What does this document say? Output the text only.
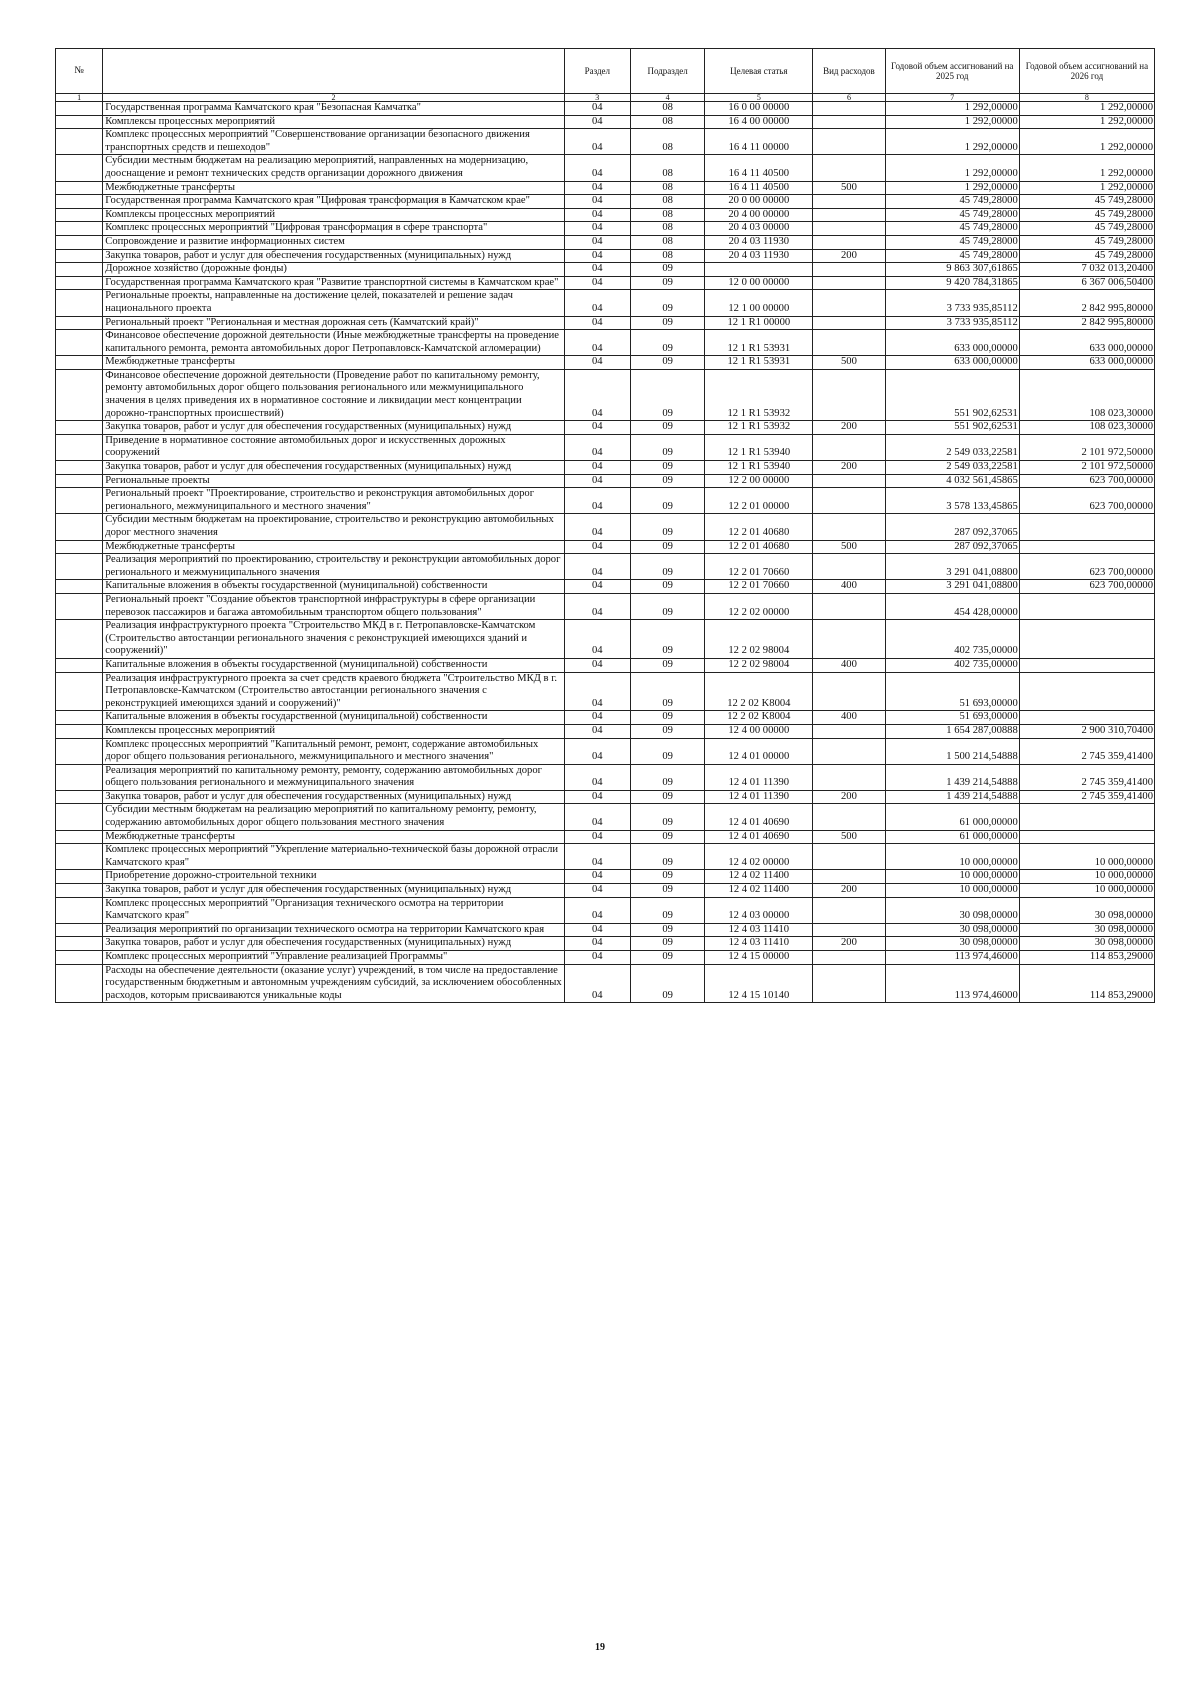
№		Раздел	Подраздел	Целевая статья	Вид расходов	Годовой объем ассигнований на 2025 год	Годовой объем ассигнований на 2026 год
1	2	3	4	5	6	7	8
	Государственная программа Камчатского края "Безопасная Камчатка"	04	08	16 0 00 00000		1 292,00000	1 292,00000
	Комплексы процессных мероприятий	04	08	16 4 00 00000		1 292,00000	1 292,00000
	Комплекс процессных мероприятий "Совершенствование организации безопасного движения транспортных средств и пешеходов"	04	08	16 4 11 00000		1 292,00000	1 292,00000
	Субсидии местным бюджетам на реализацию мероприятий, направленных на модернизацию, дооснащение и ремонт технических средств организации дорожного движения	04	08	16 4 11 40500		1 292,00000	1 292,00000
	Межбюджетные трансферты	04	08	16 4 11 40500	500	1 292,00000	1 292,00000
	Государственная программа Камчатского края "Цифровая трансформация в Камчатском крае"	04	08	20 0 00 00000		45 749,28000	45 749,28000
	Комплексы процессных мероприятий	04	08	20 4 00 00000		45 749,28000	45 749,28000
	Комплекс процессных мероприятий "Цифровая трансформация в сфере транспорта"	04	08	20 4 03 00000		45 749,28000	45 749,28000
	Сопровождение и развитие информационных систем	04	08	20 4 03 11930		45 749,28000	45 749,28000
	Закупка товаров, работ и услуг для обеспечения государственных (муниципальных) нужд	04	08	20 4 03 11930	200	45 749,28000	45 749,28000
	Дорожное хозяйство (дорожные фонды)	04	09			9 863 307,61865	7 032 013,20400
	Государственная программа Камчатского края "Развитие транспортной системы в Камчатском крае"	04	09	12 0 00 00000		9 420 784,31865	6 367 006,50400
	Региональные проекты, направленные на достижение целей, показателей и решение задач национального проекта	04	09	12 1 00 00000		3 733 935,85112	2 842 995,80000
	Региональный проект "Региональная и местная дорожная сеть (Камчатский край)"	04	09	12 1 R1 00000		3 733 935,85112	2 842 995,80000
	Финансовое обеспечение дорожной деятельности (Иные межбюджетные трансферты на проведение капитального ремонта, ремонта автомобильных дорог Петропавловск-Камчатской агломерации)	04	09	12 1 R1 53931		633 000,00000	633 000,00000
	Межбюджетные трансферты	04	09	12 1 R1 53931	500	633 000,00000	633 000,00000
	Финансовое обеспечение дорожной деятельности (Проведение работ по капитальному ремонту, ремонту автомобильных дорог общего пользования регионального или межмуниципального значения в целях приведения их в нормативное состояние и ликвидации мест концентрации дорожно-транспортных происшествий)	04	09	12 1 R1 53932		551 902,62531	108 023,30000
	Закупка товаров, работ и услуг для обеспечения государственных (муниципальных) нужд	04	09	12 1 R1 53932	200	551 902,62531	108 023,30000
	Приведение в нормативное состояние автомобильных дорог и искусственных дорожных сооружений	04	09	12 1 R1 53940		2 549 033,22581	2 101 972,50000
	Закупка товаров, работ и услуг для обеспечения государственных (муниципальных) нужд	04	09	12 1 R1 53940	200	2 549 033,22581	2 101 972,50000
	Региональные проекты	04	09	12 2 00 00000		4 032 561,45865	623 700,00000
	Региональный проект "Проектирование, строительство и реконструкция автомобильных дорог регионального, межмуниципального и местного значения"	04	09	12 2 01 00000		3 578 133,45865	623 700,00000
	Субсидии местным бюджетам на проектирование, строительство и реконструкцию автомобильных дорог местного значения	04	09	12 2 01 40680		287 092,37065	
	Межбюджетные трансферты	04	09	12 2 01 40680	500	287 092,37065	
	Реализация мероприятий по проектированию, строительству и реконструкции автомобильных дорог регионального и межмуниципального значения	04	09	12 2 01 70660		3 291 041,08800	623 700,00000
	Капитальные вложения в объекты государственной (муниципальной) собственности	04	09	12 2 01 70660	400	3 291 041,08800	623 700,00000
	Региональный проект "Создание объектов транспортной инфраструктуры в сфере организации перевозок пассажиров и багажа автомобильным транспортом общего пользования"	04	09	12 2 02 00000		454 428,00000	
	Реализация инфраструктурного проекта "Строительство МКД в г. Петропавловске-Камчатском (Строительство автостанции регионального значения с реконструкцией имеющихся зданий и сооружений)"	04	09	12 2 02 98004		402 735,00000	
	Капитальные вложения в объекты государственной (муниципальной) собственности	04	09	12 2 02 98004	400	402 735,00000	
	Реализация инфраструктурного проекта за счет средств краевого бюджета "Строительство МКД в г. Петропавловске-Камчатском (Строительство автостанции регионального значения с реконструкцией имеющихся зданий и сооружений)"	04	09	12 2 02 K8004		51 693,00000	
	Капитальные вложения в объекты государственной (муниципальной) собственности	04	09	12 2 02 K8004	400	51 693,00000	
	Комплексы процессных мероприятий	04	09	12 4 00 00000		1 654 287,00888	2 900 310,70400
	Комплекс процессных мероприятий "Капитальный ремонт, ремонт, содержание автомобильных дорог общего пользования регионального, межмуниципального и местного значения"	04	09	12 4 01 00000		1 500 214,54888	2 745 359,41400
	Реализация мероприятий по капитальному ремонту, ремонту, содержанию автомобильных дорог общего пользования регионального и межмуниципального значения	04	09	12 4 01 11390		1 439 214,54888	2 745 359,41400
	Закупка товаров, работ и услуг для обеспечения государственных (муниципальных) нужд	04	09	12 4 01 11390	200	1 439 214,54888	2 745 359,41400
	Субсидии местным бюджетам на реализацию мероприятий по капитальному ремонту, ремонту, содержанию автомобильных дорог общего пользования местного значения	04	09	12 4 01 40690		61 000,00000	
	Межбюджетные трансферты	04	09	12 4 01 40690	500	61 000,00000	
	Комплекс процессных мероприятий "Укрепление материально-технической базы дорожной отрасли Камчатского края"	04	09	12 4 02 00000		10 000,00000	10 000,00000
	Приобретение дорожно-строительной техники	04	09	12 4 02 11400		10 000,00000	10 000,00000
	Закупка товаров, работ и услуг для обеспечения государственных (муниципальных) нужд	04	09	12 4 02 11400	200	10 000,00000	10 000,00000
	Комплекс процессных мероприятий "Организация технического осмотра на территории Камчатского края"	04	09	12 4 03 00000		30 098,00000	30 098,00000
	Реализация мероприятий по организации технического осмотра на территории Камчатского края	04	09	12 4 03 11410		30 098,00000	30 098,00000
	Закупка товаров, работ и услуг для обеспечения государственных (муниципальных) нужд	04	09	12 4 03 11410	200	30 098,00000	30 098,00000
	Комплекс процессных мероприятий "Управление реализацией Программы"	04	09	12 4 15 00000		113 974,46000	114 853,29000
	Расходы на обеспечение деятельности (оказание услуг) учреждений, в том числе на предоставление государственным бюджетным и автономным учреждениям субсидий, за исключением обособленных расходов, которым присваиваются уникальные коды	04	09	12 4 15 10140		113 974,46000	114 853,29000
19
